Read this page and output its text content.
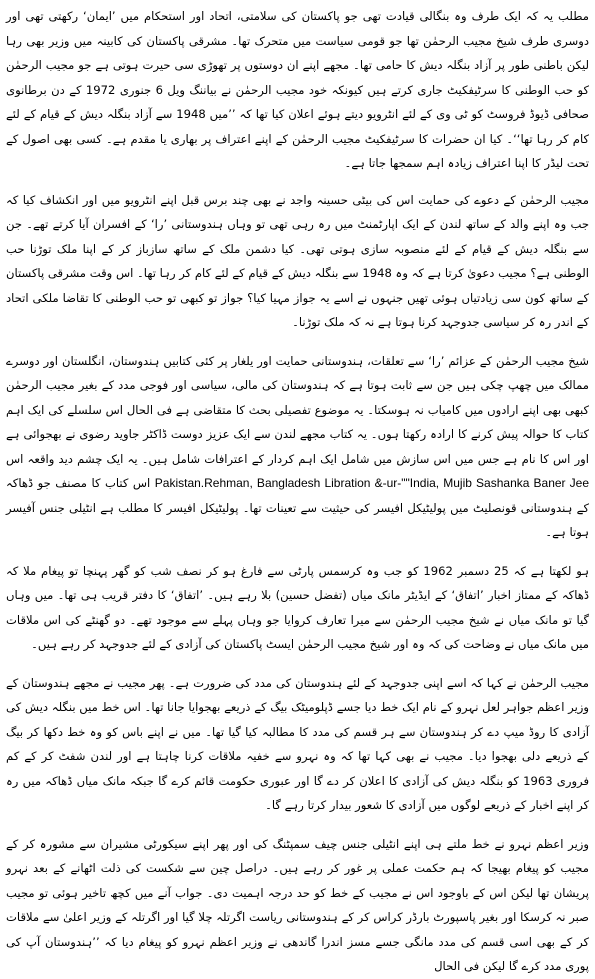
مطلب یہ کہ ایک طرف وہ بنگالی قیادت تھی جو پاکستان کی سلامتی، اتحاد اور استحکام میں ’ایمان‘ رکھتی تھی اور دوسری طرف شیخ مجیب الرحمٰن تھا جو قومی سیاست میں متحرک تھا۔ مشرقی پاکستان کی کابینہ میں وزیر بھی رہا لیکن باطنی طور پر آزاد بنگلہ دیش کا حامی تھا۔ مجھے اپنے ان دوستوں پر تھوڑی سی حیرت ہوتی ہے جو مجیب الرحمٰن کو حب الوطنی کا سرٹیفکیٹ جاری کرتے ہیں کیونکہ خود مجیب الرحمٰن نے بیاننگ ویل 6 جنوری 1972 کے دن برطانوی صحافی ڈیوڈ فروسٹ کو ٹی وی کے لئے انٹرویو دیتے ہوئے اعلان کیا تھا کہ ’’میں 1948 سے آزاد بنگلہ دیش کے قیام کے لئے کام کر رہا تھا‘‘۔ کیا ان حضرات کا سرٹیفکیٹ مجیب الرحمٰن کے اپنے اعتراف پر بھاری یا مقدم ہے۔ کسی بھی اصول کے تحت لیڈر کا اپنا اعتراف زیادہ اہم سمجھا جاتا ہے۔

مجیب الرحمٰن کے دعوے کی حمایت اس کی بیٹی حسینہ واجد نے بھی چند برس قبل اپنے انٹرویو میں اور انکشاف کیا کہ جب وہ اپنے والد کے ساتھ لندن کے ایک اپارٹمنٹ میں رہ رہی تھی تو وہاں ہندوستانی ’را‘ کے افسران آیا کرتے تھے۔ جن سے بنگلہ دیش کے قیام کے لئے منصوبہ سازی ہوتی تھی۔ کیا دشمن ملک کے ساتھ سازباز کر کے اپنا ملک توڑنا حب الوطنی ہے؟ مجیب دعویٰ کرتا ہے کہ وہ 1948 سے بنگلہ دیش کے قیام کے لئے کام کر رہا تھا۔ اس وقت مشرقی پاکستان کے ساتھ کون سی زیادتیاں ہوئی تھیں جنہوں نے اسے یہ جواز مہیا کیا؟ جواز تو کبھی تو حب الوطنی کا تقاضا ملکی اتحاد کے اندر رہ کر سیاسی جدوجہد کرنا ہوتا ہے نہ کہ ملک توڑنا۔

شیخ مجیب الرحمٰن کے عزائم ’را‘ سے تعلقات، ہندوستانی حمایت اور یلغار پر کئی کتابیں ہندوستان، انگلستان اور دوسرے ممالک میں چھپ چکی ہیں جن سے ثابت ہوتا ہے کہ ہندوستان کی مالی، سیاسی اور فوجی مدد کے بغیر مجیب الرحمٰن کبھی بھی اپنے ارادوں میں کامیاب نہ ہوسکتا۔ یہ موضوع تفصیلی بحث کا متقاضی ہے فی الحال اس سلسلے کی ایک اہم کتاب کا حوالہ پیش کرنے کا ارادہ رکھتا ہوں۔ یہ کتاب مجھے لندن سے ایک عزیز دوست ڈاکٹر جاوید رضوی نے بھجوائی ہے اور اس کا نام ہے جس میں اس سازش میں شامل ایک اہم کردار کے اعترافات شامل ہیں۔ یہ ایک چشم دید واقعہ اس Pakistan.Rehman, Bangladesh Libration &-ur-""India, Mujib Sashanka Baner Jee اس کتاب کا مصنف جو ڈھاکہ کے ہندوستانی قونصلیٹ میں پولیٹیکل افیسر کی حیثیت سے تعینات تھا۔ پولیٹیکل افیسر کا مطلب ہے انٹیلی جنس آفیسر ہوتا ہے۔

ہو لکھتا ہے کہ 25 دسمبر 1962 کو جب وہ کرسمس پارٹی سے فارغ ہو کر نصف شب کو گھر پہنچا تو پیغام ملا کہ ڈھاکہ کے ممتاز اخبار ’اتفاق‘ کے ایڈیٹر مانک میاں (تفضل حسین) بلا رہے ہیں۔ ’اتفاق‘ کا دفتر قریب ہی تھا۔ میں وہاں گیا تو مانک میاں نے شیخ مجیب الرحمٰن سے میرا تعارف کروایا جو وہاں پہلے سے موجود تھے۔ دو گھنٹے کی اس ملاقات میں مانک میاں نے وضاحت کی کہ وہ اور شیخ مجیب الرحمٰن ایسٹ پاکستان کی آزادی کے لئے جدوجہد کر رہے ہیں۔

مجیب الرحمٰن نے کہا کہ اسے اپنی جدوجہد کے لئے ہندوستان کی مدد کی ضرورت ہے۔ پھر مجیب نے مجھے ہندوستان کے وزیر اعظم جواہر لعل نہرو کے نام ایک خط دیا جسے ڈپلومیٹک بیگ کے ذریعے بھجوایا جانا تھا۔ اس خط میں بنگلہ دیش کی آزادی کا روڈ میپ دے کر ہندوستان سے ہر قسم کی مدد کا مطالبہ کیا گیا تھا۔ میں نے اپنے باس کو وہ خط دکھا کر بیگ کے ذریعے دلی بھجوا دیا۔ مجیب نے بھی کہا تھا کہ وہ نہرو سے خفیہ ملاقات کرنا چاہتا ہے اور لندن شفٹ کر کے کم فروری 1963 کو بنگلہ دیش کی آزادی کا اعلان کر دے گا اور عبوری حکومت قائم کرے گا جبکہ مانک میاں ڈھاکہ میں رہ کر اپنے اخبار کے ذریعے لوگوں میں آزادی کا شعور بیدار کرتا رہے گا۔

وزیر اعظم نہرو نے خط ملتے ہی اپنے انٹیلی جنس چیف سمپٹنگ کی اور پھر اپنے سیکورٹی مشیران سے مشورہ کر کے مجیب کو پیغام بھیجا کہ ہم حکمت عملی پر غور کر رہے ہیں۔ دراصل چین سے شکست کی ذلت اٹھانے کے بعد نہرو پریشان تھا لیکن اس کے باوجود اس نے مجیب کے خط کو حد درجہ اہمیت دی۔ جواب آنے میں کچھ تاخیر ہوئی تو مجیب صبر نہ کرسکا اور بغیر پاسپورٹ بارڈر کراس کر کے ہندوستانی ریاست اگرتلہ چلا گیا اور اگرتلہ کے وزیر اعلیٰ سے ملاقات کر کے بھی اسی قسم کی مدد مانگی جسے مسز اندرا گاندھی نے وزیر اعظم نہرو کو پیغام دیا کہ ’’ہندوستان آپ کی پوری مدد کرے گا لیکن فی الحال
